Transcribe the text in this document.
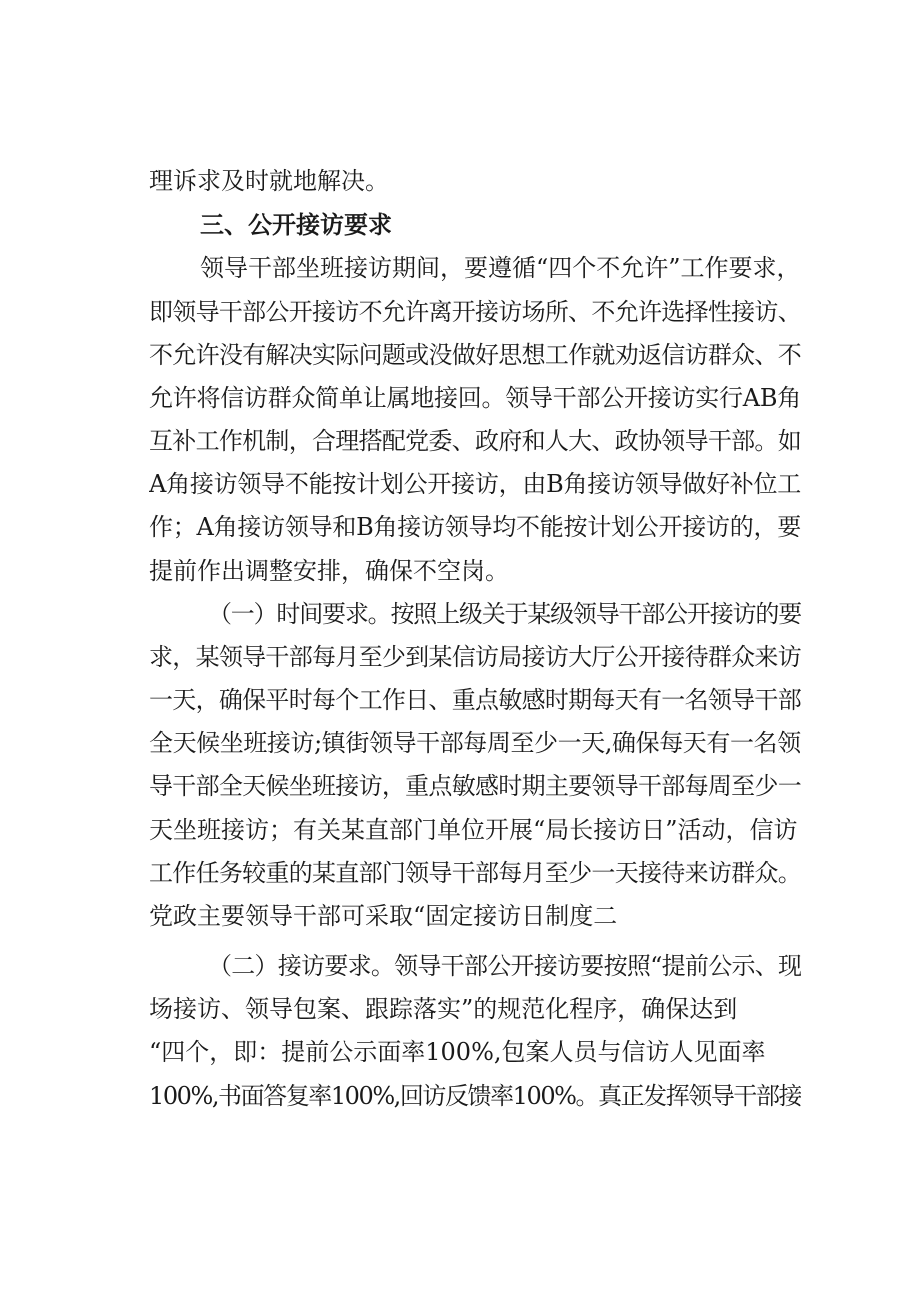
理诉求及时就地解决。
三、公开接访要求
领导干部坐班接访期间，要遵循“四个不允许”工作要求，
即领导干部公开接访不允许离开接访场所、不允许选择性接访、
不允许没有解决实际问题或没做好思想工作就劝返信访群众、不
允许将信访群众简单让属地接回。领导干部公开接访实行AB角
互补工作机制，合理搭配党委、政府和人大、政协领导干部。如
A角接访领导不能按计划公开接访，由B角接访领导做好补位工
作；A角接访领导和B角接访领导均不能按计划公开接访的，要
提前作出调整安排，确保不空岗。
（一）时间要求。按照上级关于某级领导干部公开接访的要
求，某领导干部每月至少到某信访局接访大厅公开接待群众来访
一天，确保平时每个工作日、重点敏感时期每天有一名领导干部
全天候坐班接访;镇街领导干部每周至少一天,确保每天有一名领
导干部全天候坐班接访，重点敏感时期主要领导干部每周至少一
天坐班接访；有关某直部门单位开展“局长接访日”活动，信访
工作任务较重的某直部门领导干部每月至少一天接待来访群众。
党政主要领导干部可采取“固定接访日制度二
（二）接访要求。领导干部公开接访要按照“提前公示、现
场接访、领导包案、跟踪落实”的规范化程序，确保达到
“四个，即：提前公示面率100%,包案人员与信访人见面率
100%,书面答复率100%,回访反馈率100%。真正发挥领导干部接
